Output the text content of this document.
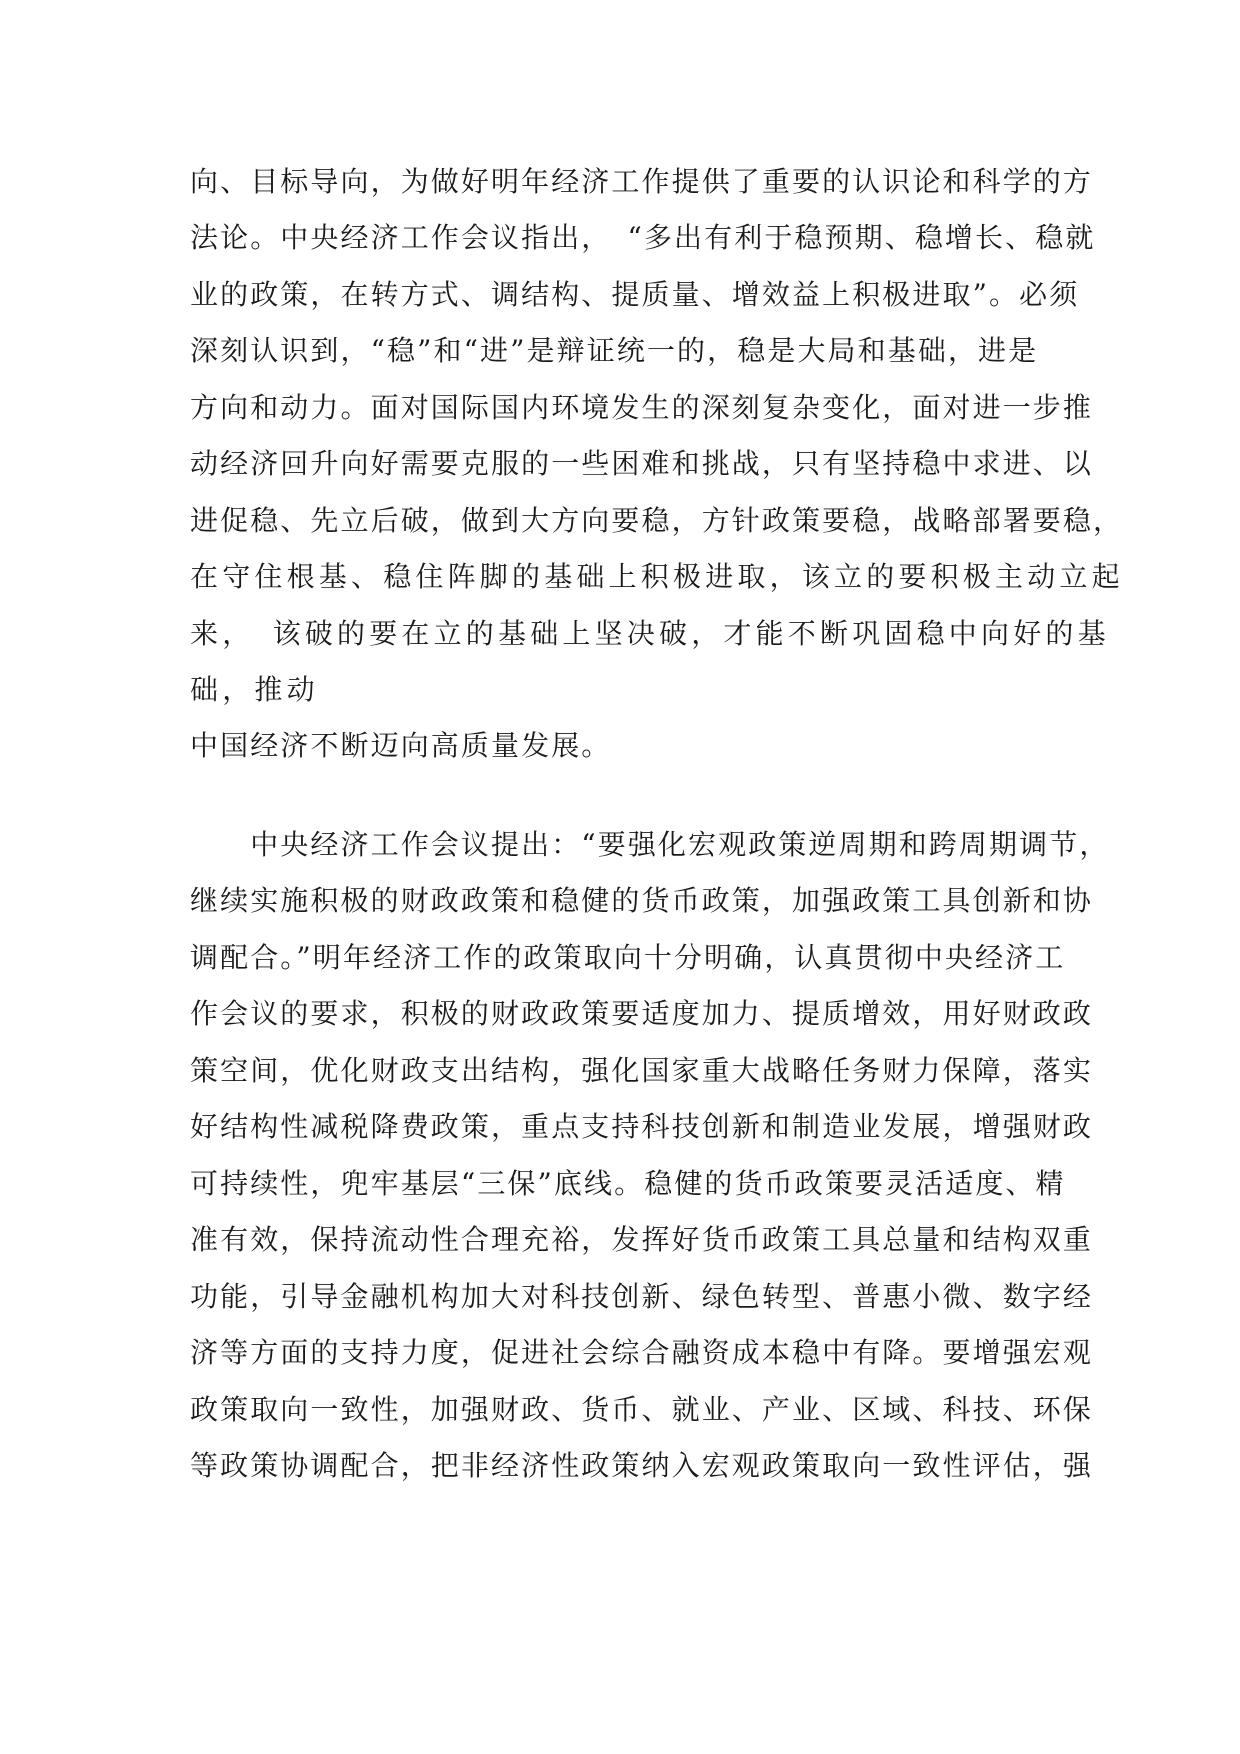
向、目标导向，为做好明年经济工作提供了重要的认识论和科学的方

法论。中央经济工作会议指出，　“多出有利于稳预期、稳增长、稳就

业的政策，在转方式、调结构、提质量、增效益上积极进取”。必须

深刻认识到，“稳”和“进”是辩证统一的，稳是大局和基础，进是

方向和动力。面对国际国内环境发生的深刻复杂变化，面对进一步推

动经济回升向好需要克服的一些困难和挑战，只有坚持稳中求进、以

进促稳、先立后破，做到大方向要稳，方针政策要稳，战略部署要稳，

在守住根基、稳住阵脚的基础上积极进取，该立的要积极主动立起

来，　该破的要在立的基础上坚决破，才能不断巩固稳中向好的基

础，推动

中国经济不断迈向高质量发展。

　　中央经济工作会议提出：“要强化宏观政策逆周期和跨周期调节，

继续实施积极的财政政策和稳健的货币政策，加强政策工具创新和协

调配合。”明年经济工作的政策取向十分明确，认真贯彻中央经济工

作会议的要求，积极的财政政策要适度加力、提质增效，用好财政政

策空间，优化财政支出结构，强化国家重大战略任务财力保障，落实

好结构性减税降费政策，重点支持科技创新和制造业发展，增强财政

可持续性，兜牢基层“三保”底线。稳健的货币政策要灵活适度、精

准有效，保持流动性合理充裕，发挥好货币政策工具总量和结构双重

功能，引导金融机构加大对科技创新、绿色转型、普惠小微、数字经

济等方面的支持力度，促进社会综合融资成本稳中有降。要增强宏观

政策取向一致性，加强财政、货币、就业、产业、区域、科技、环保

等政策协调配合，把非经济性政策纳入宏观政策取向一致性评估，强
